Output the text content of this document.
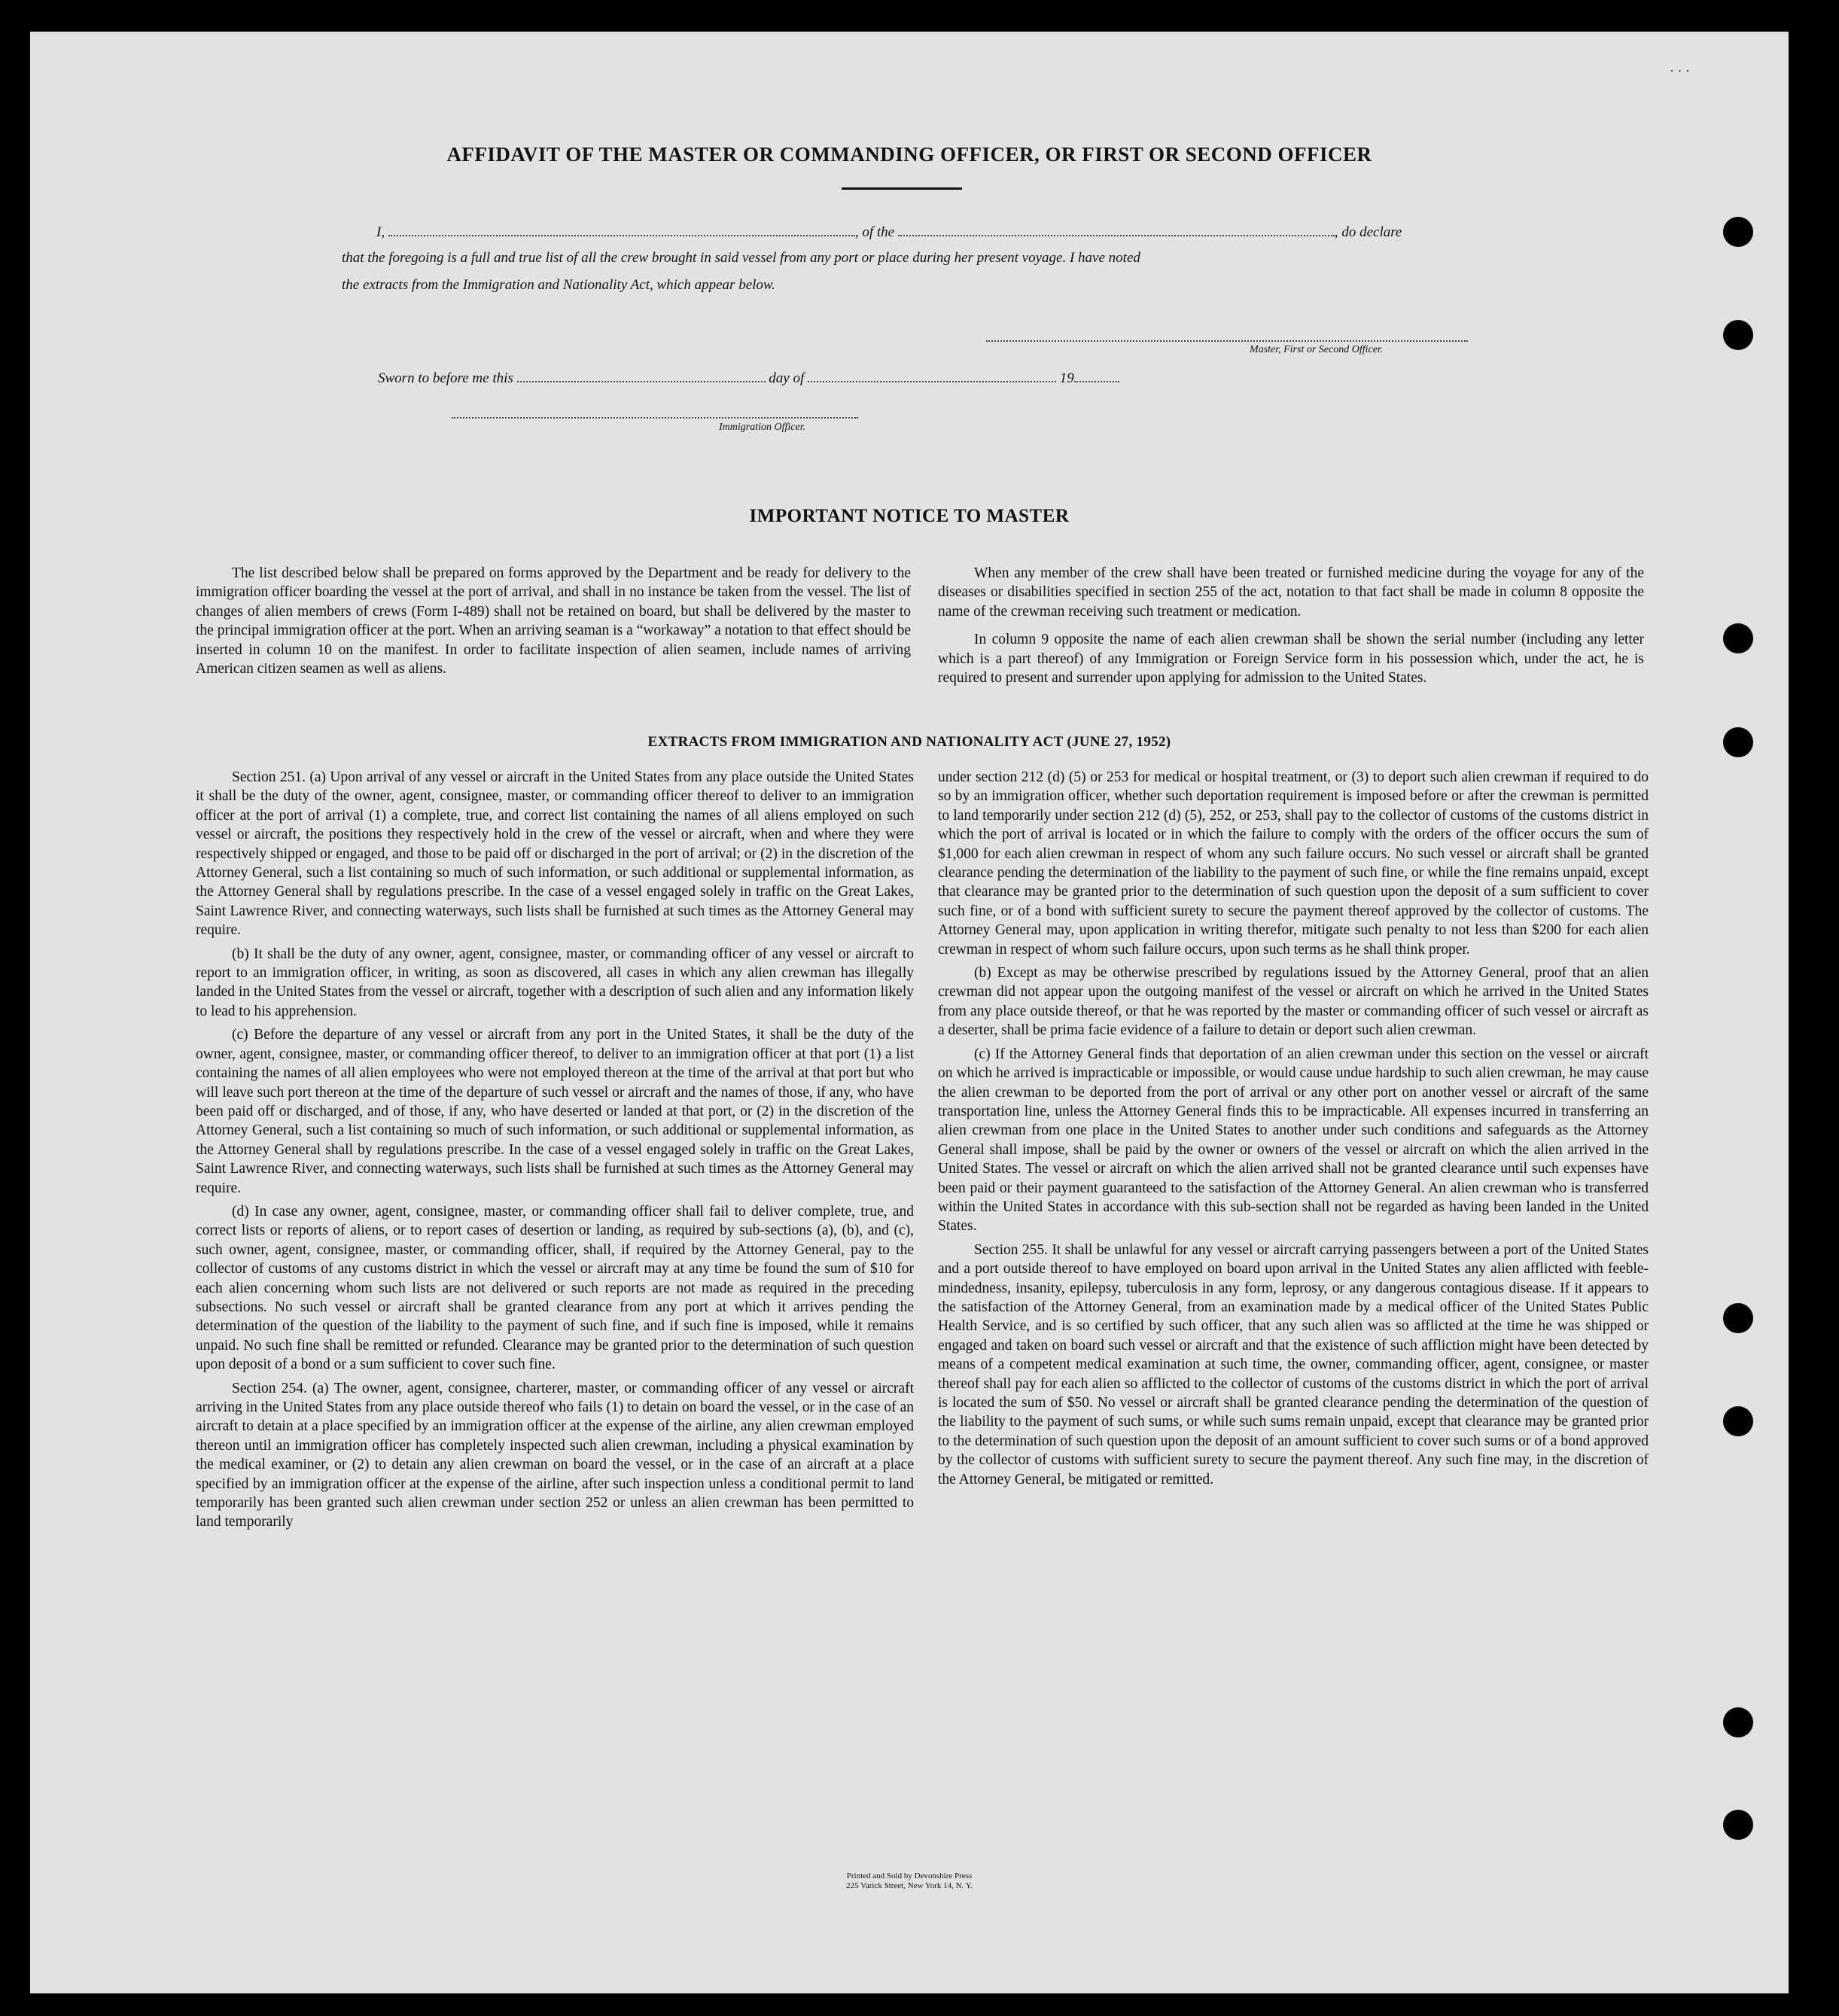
AFFIDAVIT OF THE MASTER OR COMMANDING OFFICER, OR FIRST OR SECOND OFFICER
I,	, of the	, do declare
that the foregoing is a full and true list of all the crew brought in said vessel from any port or place during her present voyage. I have noted
the extracts from the Immigration and Nationality Act, which appear below.
Master, First or Second Officer.
Sworn to before me this	day of	19
Immigration Officer.
IMPORTANT NOTICE TO MASTER

The list described below shall be prepared on forms approved by the Department and be ready for delivery to the immigration officer boarding the vessel at the port of arrival, and shall in no instance be taken from the vessel. The list of changes of alien members of crews (Form I-489) shall not be retained on board, but shall be delivered by the master to the principal immigration officer at the port. When an arriving seaman is a “workaway” a notation to that effect should be inserted in column 10 on the manifest. In order to facilitate inspection of alien seamen, include names of arriving American citizen seamen as well as aliens.

When any member of the crew shall have been treated or furnished medicine during the voyage for any of the diseases or disabilities specified in section 255 of the act, notation to that fact shall be made in column 8 opposite the name of the crewman receiving such treatment or medication.

In column 9 opposite the name of each alien crewman shall be shown the serial number (including any letter which is a part thereof) of any Immigration or Foreign Service form in his possession which, under the act, he is required to present and surrender upon applying for admission to the United States.

EXTRACTS FROM IMMIGRATION AND NATIONALITY ACT (JUNE 27, 1952)

Section 251. (a) Upon arrival of any vessel or aircraft in the United States from any place outside the United States it shall be the duty of the owner, agent, consignee, master, or commanding officer thereof to deliver to an immigration officer at the port of arrival (1) a complete, true, and correct list containing the names of all aliens employed on such vessel or aircraft, the positions they respectively hold in the crew of the vessel or aircraft, when and where they were respectively shipped or engaged, and those to be paid off or discharged in the port of arrival; or (2) in the discretion of the Attorney General, such a list containing so much of such information, or such additional or supplemental information, as the Attorney General shall by regulations prescribe. In the case of a vessel engaged solely in traffic on the Great Lakes, Saint Lawrence River, and connecting waterways, such lists shall be furnished at such times as the Attorney General may require.

(b) It shall be the duty of any owner, agent, consignee, master, or commanding officer of any vessel or aircraft to report to an immigration officer, in writing, as soon as discovered, all cases in which any alien crewman has illegally landed in the United States from the vessel or aircraft, together with a description of such alien and any information likely to lead to his apprehension.

(c) Before the departure of any vessel or aircraft from any port in the United States, it shall be the duty of the owner, agent, consignee, master, or commanding officer thereof, to deliver to an immigration officer at that port (1) a list containing the names of all alien employees who were not employed thereon at the time of the arrival at that port but who will leave such port thereon at the time of the departure of such vessel or aircraft and the names of those, if any, who have been paid off or discharged, and of those, if any, who have deserted or landed at that port, or (2) in the discretion of the Attorney General, such a list containing so much of such information, or such additional or supplemental information, as the Attorney General shall by regulations prescribe. In the case of a vessel engaged solely in traffic on the Great Lakes, Saint Lawrence River, and connecting waterways, such lists shall be furnished at such times as the Attorney General may require.

(d) In case any owner, agent, consignee, master, or commanding officer shall fail to deliver complete, true, and correct lists or reports of aliens, or to report cases of desertion or landing, as required by sub-sections (a), (b), and (c), such owner, agent, consignee, master, or commanding officer, shall, if required by the Attorney General, pay to the collector of customs of any customs district in which the vessel or aircraft may at any time be found the sum of $10 for each alien concerning whom such lists are not delivered or such reports are not made as required in the preceding subsections. No such vessel or aircraft shall be granted clearance from any port at which it arrives pending the determination of the question of the liability to the payment of such fine, and if such fine is imposed, while it remains unpaid. No such fine shall be remitted or refunded. Clearance may be granted prior to the determination of such question upon deposit of a bond or a sum sufficient to cover such fine.

Section 254. (a) The owner, agent, consignee, charterer, master, or commanding officer of any vessel or aircraft arriving in the United States from any place outside thereof who fails (1) to detain on board the vessel, or in the case of an aircraft to detain at a place specified by an immigration officer at the expense of the airline, any alien crewman employed thereon until an immigration officer has completely inspected such alien crewman, including a physical examination by the medical examiner, or (2) to detain any alien crewman on board the vessel, or in the case of an aircraft at a place specified by an immigration officer at the expense of the airline, after such inspection unless a conditional permit to land temporarily has been granted such alien crewman under section 252 or unless an alien crewman has been permitted to land temporarily

under section 212 (d) (5) or 253 for medical or hospital treatment, or (3) to deport such alien crewman if required to do so by an immigration officer, whether such deportation requirement is imposed before or after the crewman is permitted to land temporarily under section 212 (d) (5), 252, or 253, shall pay to the collector of customs of the customs district in which the port of arrival is located or in which the failure to comply with the orders of the officer occurs the sum of $1,000 for each alien crewman in respect of whom any such failure occurs. No such vessel or aircraft shall be granted clearance pending the determination of the liability to the payment of such fine, or while the fine remains unpaid, except that clearance may be granted prior to the determination of such question upon the deposit of a sum sufficient to cover such fine, or of a bond with sufficient surety to secure the payment thereof approved by the collector of customs. The Attorney General may, upon application in writing therefor, mitigate such penalty to not less than $200 for each alien crewman in respect of whom such failure occurs, upon such terms as he shall think proper.

(b) Except as may be otherwise prescribed by regulations issued by the Attorney General, proof that an alien crewman did not appear upon the outgoing manifest of the vessel or aircraft on which he arrived in the United States from any place outside thereof, or that he was reported by the master or commanding officer of such vessel or aircraft as a deserter, shall be prima facie evidence of a failure to detain or deport such alien crewman.

(c) If the Attorney General finds that deportation of an alien crewman under this section on the vessel or aircraft on which he arrived is impracticable or impossible, or would cause undue hardship to such alien crewman, he may cause the alien crewman to be deported from the port of arrival or any other port on another vessel or aircraft of the same transportation line, unless the Attorney General finds this to be impracticable. All expenses incurred in transferring an alien crewman from one place in the United States to another under such conditions and safeguards as the Attorney General shall impose, shall be paid by the owner or owners of the vessel or aircraft on which the alien arrived in the United States. The vessel or aircraft on which the alien arrived shall not be granted clearance until such expenses have been paid or their payment guaranteed to the satisfaction of the Attorney General. An alien crewman who is transferred within the United States in accordance with this sub-section shall not be regarded as having been landed in the United States.

Section 255. It shall be unlawful for any vessel or aircraft carrying passengers between a port of the United States and a port outside thereof to have employed on board upon arrival in the United States any alien afflicted with feeble-mindedness, insanity, epilepsy, tuberculosis in any form, leprosy, or any dangerous contagious disease. If it appears to the satisfaction of the Attorney General, from an examination made by a medical officer of the United States Public Health Service, and is so certified by such officer, that any such alien was so afflicted at the time he was shipped or engaged and taken on board such vessel or aircraft and that the existence of such affliction might have been detected by means of a competent medical examination at such time, the owner, commanding officer, agent, consignee, or master thereof shall pay for each alien so afflicted to the collector of customs of the customs district in which the port of arrival is located the sum of $50. No vessel or aircraft shall be granted clearance pending the determination of the question of the liability to the payment of such sums, or while such sums remain unpaid, except that clearance may be granted prior to the determination of such question upon the deposit of an amount sufficient to cover such sums or of a bond approved by the collector of customs with sufficient surety to secure the payment thereof. Any such fine may, in the discretion of the Attorney General, be mitigated or remitted.

Printed and Sold by Devonshire Press
225 Varick Street, New York 14, N. Y.
· · ·
